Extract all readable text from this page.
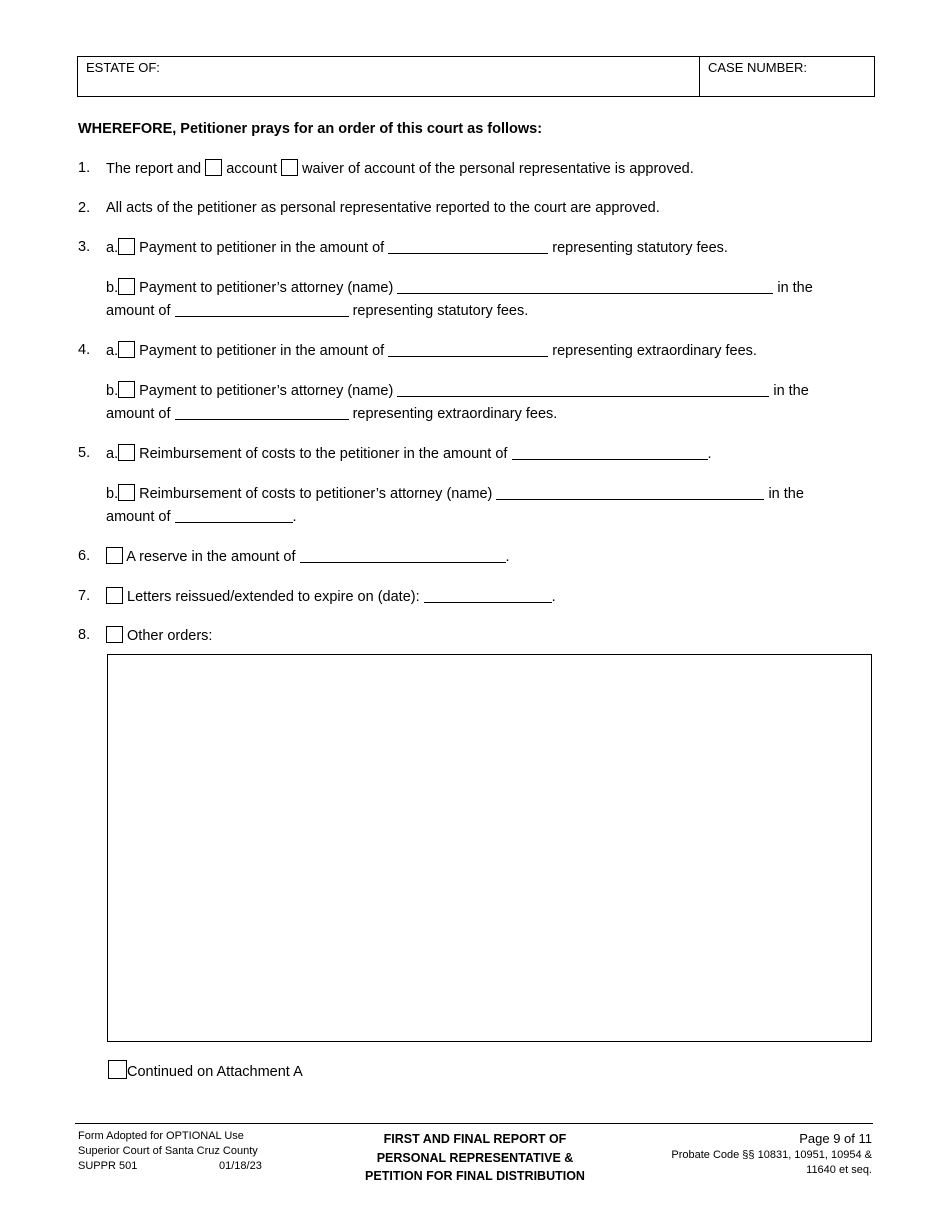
ESTATE OF:	CASE NUMBER:
WHEREFORE, Petitioner prays for an order of this court as follows:
1. The report and account waiver of account of the personal representative is approved.
2. All acts of the petitioner as personal representative reported to the court are approved.
3. a. Payment to petitioner in the amount of	representing statutory fees.
b. Payment to petitioner’s attorney (name)	in the
amount of	representing statutory fees.
4. a. Payment to petitioner in the amount of	representing extraordinary fees.
b. Payment to petitioner’s attorney (name)	in the
amount of	representing extraordinary fees.
5. a. Reimbursement of costs to the petitioner in the amount of	.
b. Reimbursement of costs to petitioner’s attorney (name)	in the
amount of	.
6.	A reserve in the amount of	.
7.	Letters reissued/extended to expire on (date):	.
8.	Other orders:
Continued on Attachment A
Form Adopted for OPTIONAL Use
Superior Court of Santa Cruz County
SUPPR 501	01/18/23
FIRST AND FINAL REPORT OF
PERSONAL REPRESENTATIVE &
PETITION FOR FINAL DISTRIBUTION
Page 9 of 11
Probate Code §§ 10831, 10951, 10954 &
11640 et seq.
